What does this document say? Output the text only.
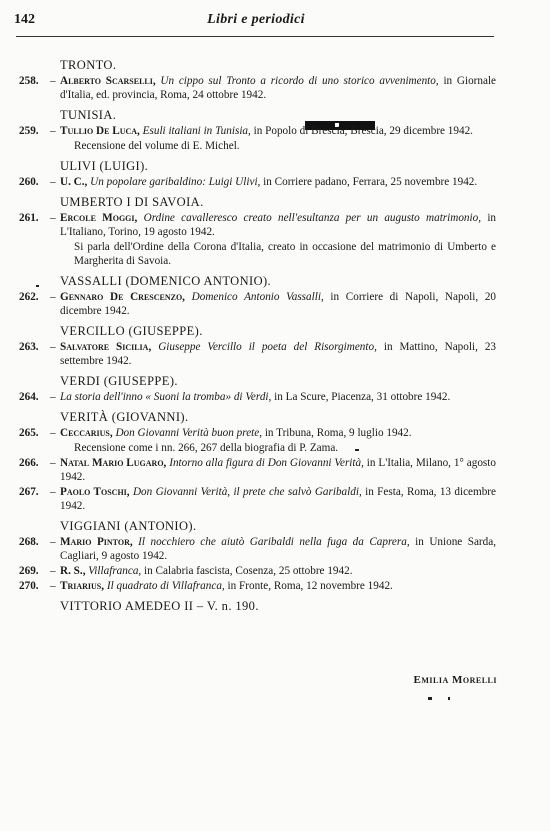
142	Libri e periodici
TRONTO.
258. – Alberto Scarselli, Un cippo sul Tronto a ricordo di uno storico avvenimento, in Giornale d'Italia, ed. provincia, Roma, 24 ottobre 1942.
TUNISIA.
259. – Tullio De Luca, Esuli italiani in Tunisia, in Popolo di Brescia, Brescia, 29 dicembre 1942.
Recensione del volume di E. Michel.
ULIVI (LUIGI).
260. – U. C., Un popolare garibaldino: Luigi Ulivi, in Corriere padano, Ferrara, 25 novembre 1942.
UMBERTO I DI SAVOIA.
261. – Ercole Moggi, Ordine cavalleresco creato nell'esultanza per un augusto matrimonio, in L'Italiano, Torino, 19 agosto 1942.
Si parla dell'Ordine della Corona d'Italia, creato in occasione del matrimonio di Umberto e Margherita di Savoia.
VASSALLI (DOMENICO ANTONIO).
262. – Gennaro De Crescenzo, Domenico Antonio Vassalli, in Corriere di Napoli, Napoli, 20 dicembre 1942.
VERCILLO (GIUSEPPE).
263. – Salvatore Sicilia, Giuseppe Vercillo il poeta del Risorgimento, in Mattino, Napoli, 23 settembre 1942.
VERDI (GIUSEPPE).
264. – La storia dell'inno « Suoni la tromba» di Verdi, in La Scure, Piacenza, 31 ottobre 1942.
VERITÀ (GIOVANNI).
265. – Ceccarius, Don Giovanni Verità buon prete, in Tribuna, Roma, 9 luglio 1942.
Recensione come i nn. 266, 267 della biografia di P. Zama.
266. – Natal Mario Lugaro, Intorno alla figura di Don Giovanni Verità, in L'Italia, Milano, 1° agosto 1942.
267. – Paolo Toschi, Don Giovanni Verità, il prete che salvò Garibaldi, in Festa, Roma, 13 dicembre 1942.
VIGGIANI (ANTONIO).
268. – Mario Pintor, Il nocchiero che aiutò Garibaldi nella fuga da Caprera, in Unione Sarda, Cagliari, 9 agosto 1942.
269. – R. S., Villafranca, in Calabria fascista, Cosenza, 25 ottobre 1942.
270. – Triarius, Il quadrato di Villafranca, in Fronte, Roma, 12 novembre 1942.
VITTORIO AMEDEO II – V. n. 190.
Emilia Morelli
